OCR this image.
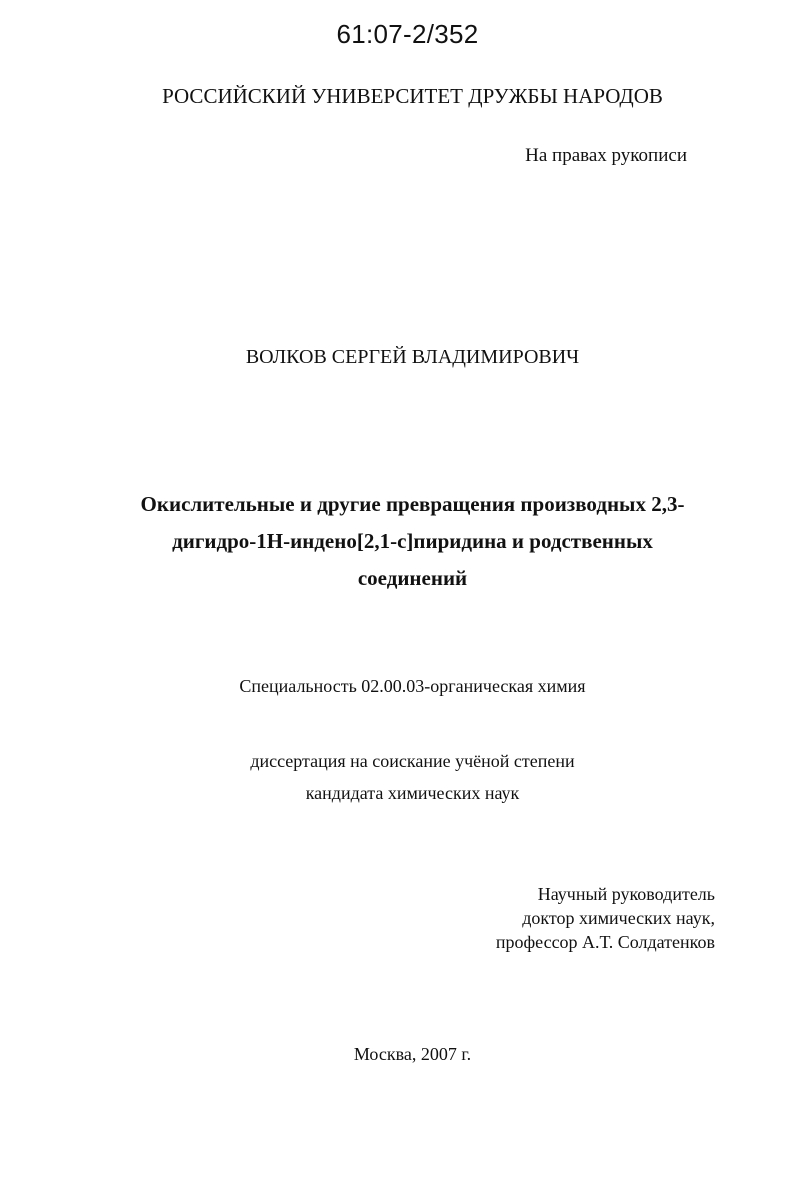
61:07-2/352
РОССИЙСКИЙ УНИВЕРСИТЕТ ДРУЖБЫ НАРОДОВ
На правах рукописи
ВОЛКОВ СЕРГЕЙ ВЛАДИМИРОВИЧ
Окислительные и другие превращения производных 2,3-
дигидро-1Н-индено[2,1-с]пиридина и родственных
соединений
Специальность 02.00.03-органическая химия
диссертация на соискание учёной степени
кандидата химических наук
Научный руководитель
доктор химических наук,
профессор А.Т. Солдатенков
Москва, 2007 г.
